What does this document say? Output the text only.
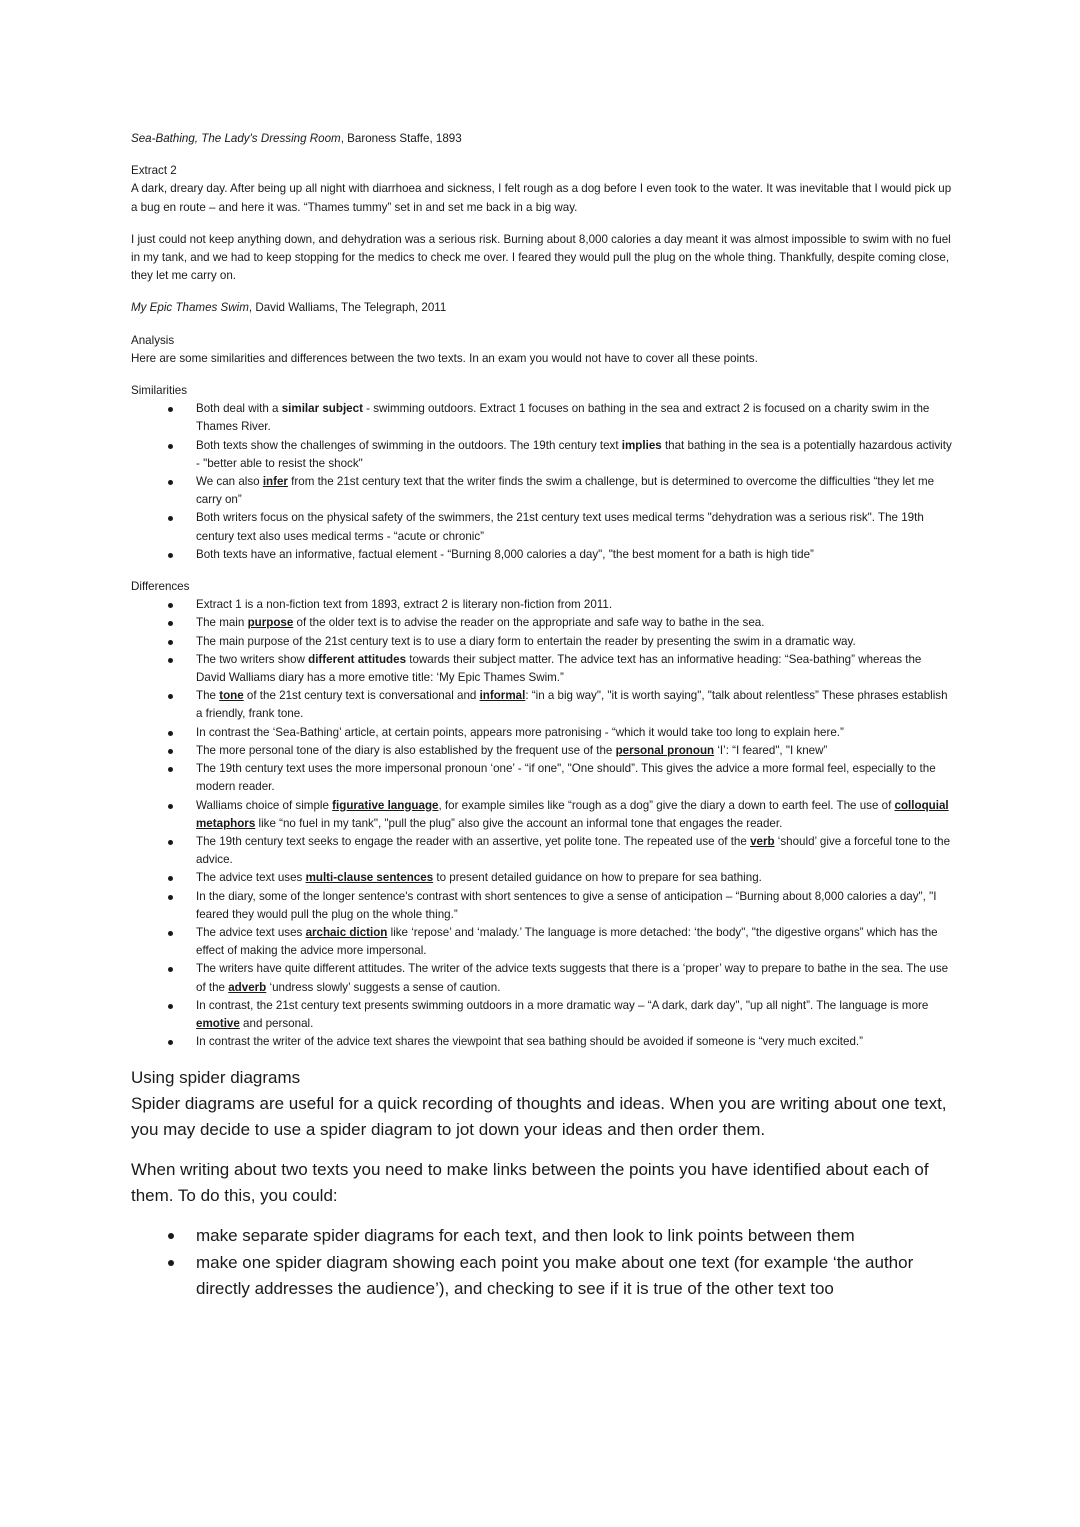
Sea-Bathing, The Lady's Dressing Room, Baroness Staffe, 1893

Extract 2

A dark, dreary day. After being up all night with diarrhoea and sickness, I felt rough as a dog before I even took to the water. It was inevitable that I would pick up a bug en route – and here it was. “Thames tummy” set in and set me back in a big way.

I just could not keep anything down, and dehydration was a serious risk. Burning about 8,000 calories a day meant it was almost impossible to swim with no fuel in my tank, and we had to keep stopping for the medics to check me over. I feared they would pull the plug on the whole thing. Thankfully, despite coming close, they let me carry on.

My Epic Thames Swim, David Walliams, The Telegraph, 2011

Analysis

Here are some similarities and differences between the two texts. In an exam you would not have to cover all these points.

Similarities

Both deal with a similar subject - swimming outdoors. Extract 1 focuses on bathing in the sea and extract 2 is focused on a charity swim in the Thames River.
Both texts show the challenges of swimming in the outdoors. The 19th century text implies that bathing in the sea is a potentially hazardous activity - "better able to resist the shock"
We can also infer from the 21st century text that the writer finds the swim a challenge, but is determined to overcome the difficulties “they let me carry on”
Both writers focus on the physical safety of the swimmers, the 21st century text uses medical terms "dehydration was a serious risk". The 19th century text also uses medical terms - “acute or chronic”
Both texts have an informative, factual element - “Burning 8,000 calories a day", "the best moment for a bath is high tide”

Differences

Extract 1 is a non-fiction text from 1893, extract 2 is literary non-fiction from 2011.
The main purpose of the older text is to advise the reader on the appropriate and safe way to bathe in the sea.
The main purpose of the 21st century text is to use a diary form to entertain the reader by presenting the swim in a dramatic way.
The two writers show different attitudes towards their subject matter. The advice text has an informative heading: “Sea-bathing” whereas the David Walliams diary has a more emotive title: ‘My Epic Thames Swim.”
The tone of the 21st century text is conversational and informal: “in a big way", "it is worth saying", "talk about relentless” These phrases establish a friendly, frank tone.
In contrast the ‘Sea-Bathing’ article, at certain points, appears more patronising - “which it would take too long to explain here.”
The more personal tone of the diary is also established by the frequent use of the personal pronoun ‘I’: “I feared", "I knew”
The 19th century text uses the more impersonal pronoun ‘one’ - “if one", "One should”. This gives the advice a more formal feel, especially to the modern reader.
Walliams choice of simple figurative language, for example similes like “rough as a dog” give the diary a down to earth feel. The use of colloquial metaphors like “no fuel in my tank", "pull the plug” also give the account an informal tone that engages the reader.
The 19th century text seeks to engage the reader with an assertive, yet polite tone. The repeated use of the verb ‘should’ give a forceful tone to the advice.
The advice text uses multi-clause sentences to present detailed guidance on how to prepare for sea bathing.
In the diary, some of the longer sentence's contrast with short sentences to give a sense of anticipation – “Burning about 8,000 calories a day", "I feared they would pull the plug on the whole thing.”
The advice text uses archaic diction like ‘repose’ and ‘malady.’ The language is more detached: ‘the body", "the digestive organs” which has the effect of making the advice more impersonal.
The writers have quite different attitudes. The writer of the advice texts suggests that there is a ‘proper’ way to prepare to bathe in the sea. The use of the adverb ‘undress slowly’ suggests a sense of caution.
In contrast, the 21st century text presents swimming outdoors in a more dramatic way – “A dark, dark day", "up all night”. The language is more emotive and personal.
In contrast the writer of the advice text shares the viewpoint that sea bathing should be avoided if someone is “very much excited.”

Using spider diagrams

Spider diagrams are useful for a quick recording of thoughts and ideas. When you are writing about one text, you may decide to use a spider diagram to jot down your ideas and then order them.

When writing about two texts you need to make links between the points you have identified about each of them. To do this, you could:

make separate spider diagrams for each text, and then look to link points between them
make one spider diagram showing each point you make about one text (for example ‘the author directly addresses the audience’), and checking to see if it is true of the other text too
